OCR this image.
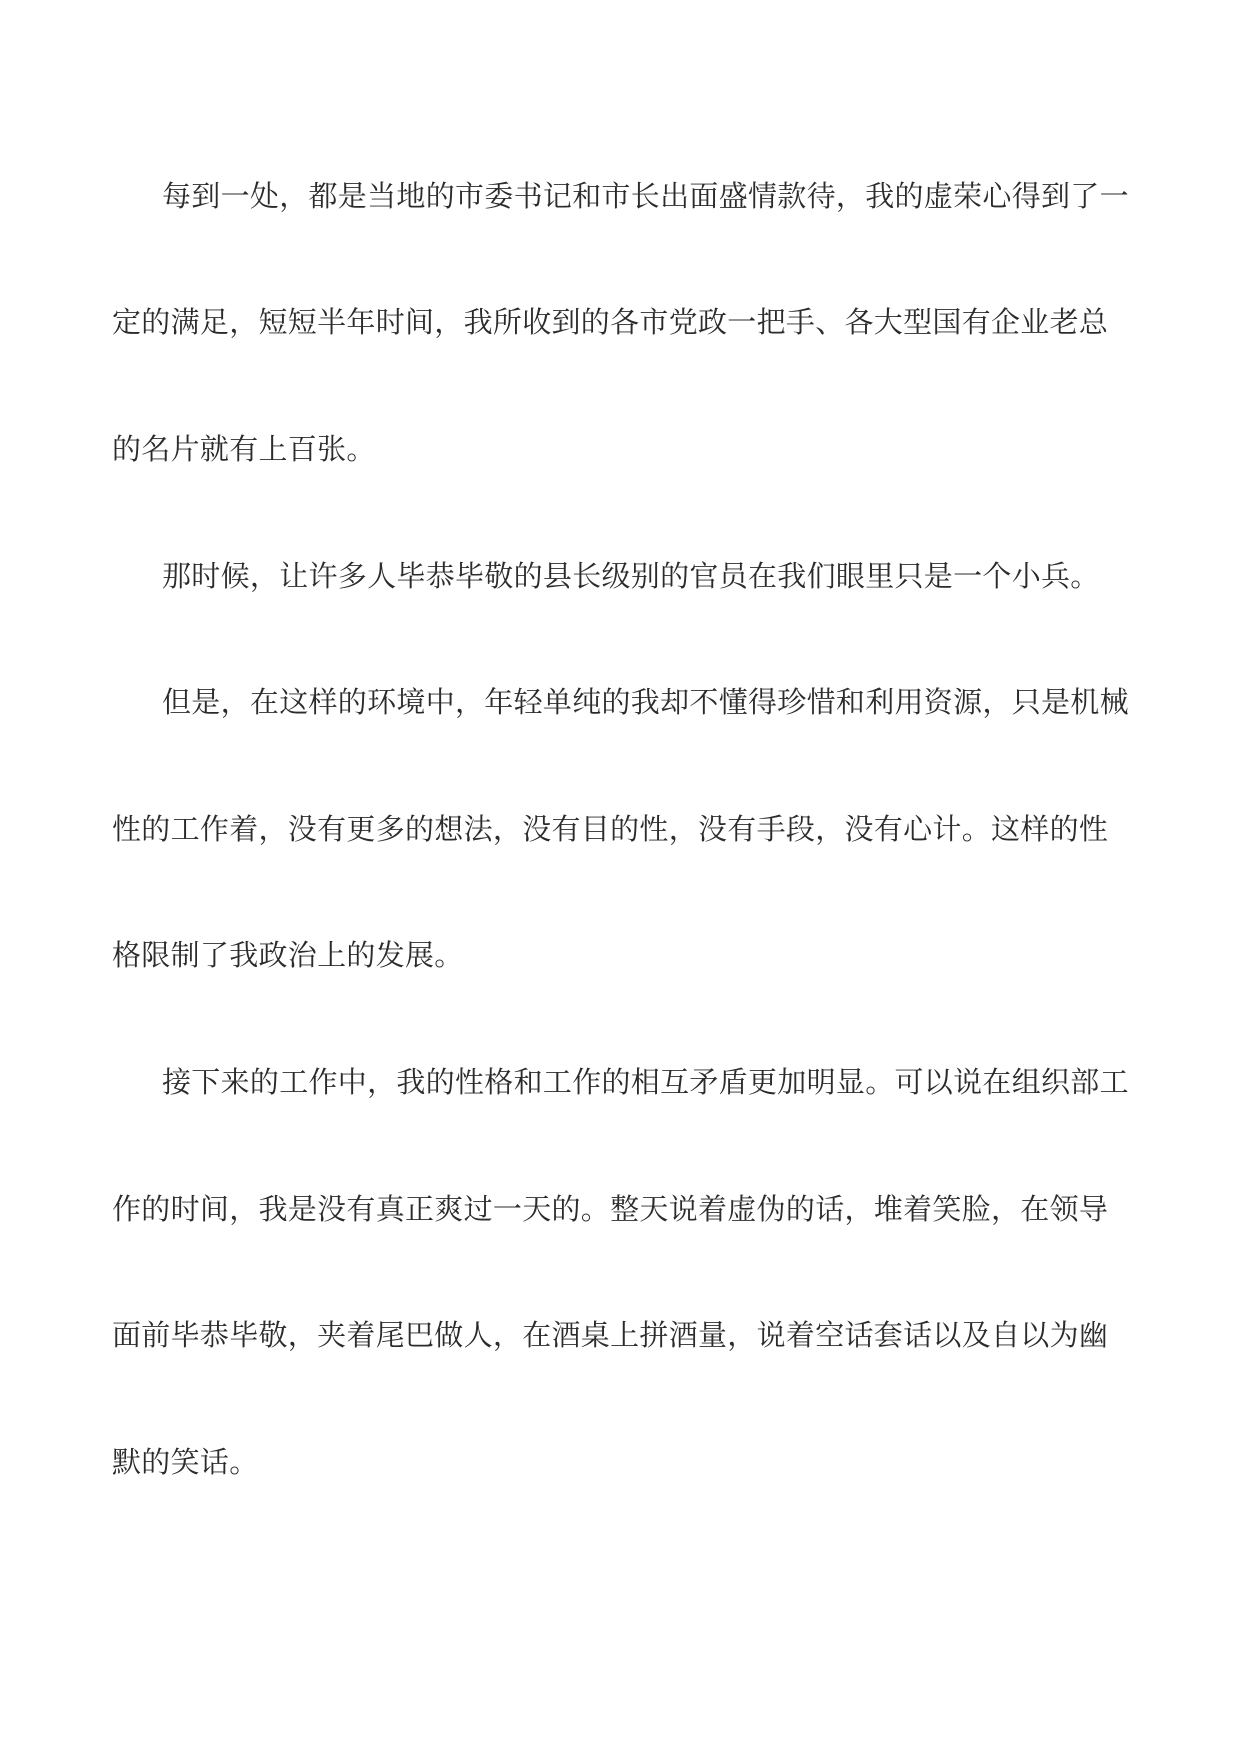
每到一处，都是当地的市委书记和市长出面盛情款待，我的虚荣心得到了一
定的满足，短短半年时间，我所收到的各市党政一把手、各大型国有企业老总
的名片就有上百张。
那时候，让许多人毕恭毕敬的县长级别的官员在我们眼里只是一个小兵。
但是，在这样的环境中，年轻单纯的我却不懂得珍惜和利用资源，只是机械
性的工作着，没有更多的想法，没有目的性，没有手段，没有心计。这样的性
格限制了我政治上的发展。
接下来的工作中，我的性格和工作的相互矛盾更加明显。可以说在组织部工
作的时间，我是没有真正爽过一天的。整天说着虚伪的话，堆着笑脸，在领导
面前毕恭毕敬，夹着尾巴做人，在酒桌上拼酒量，说着空话套话以及自以为幽
默的笑话。
